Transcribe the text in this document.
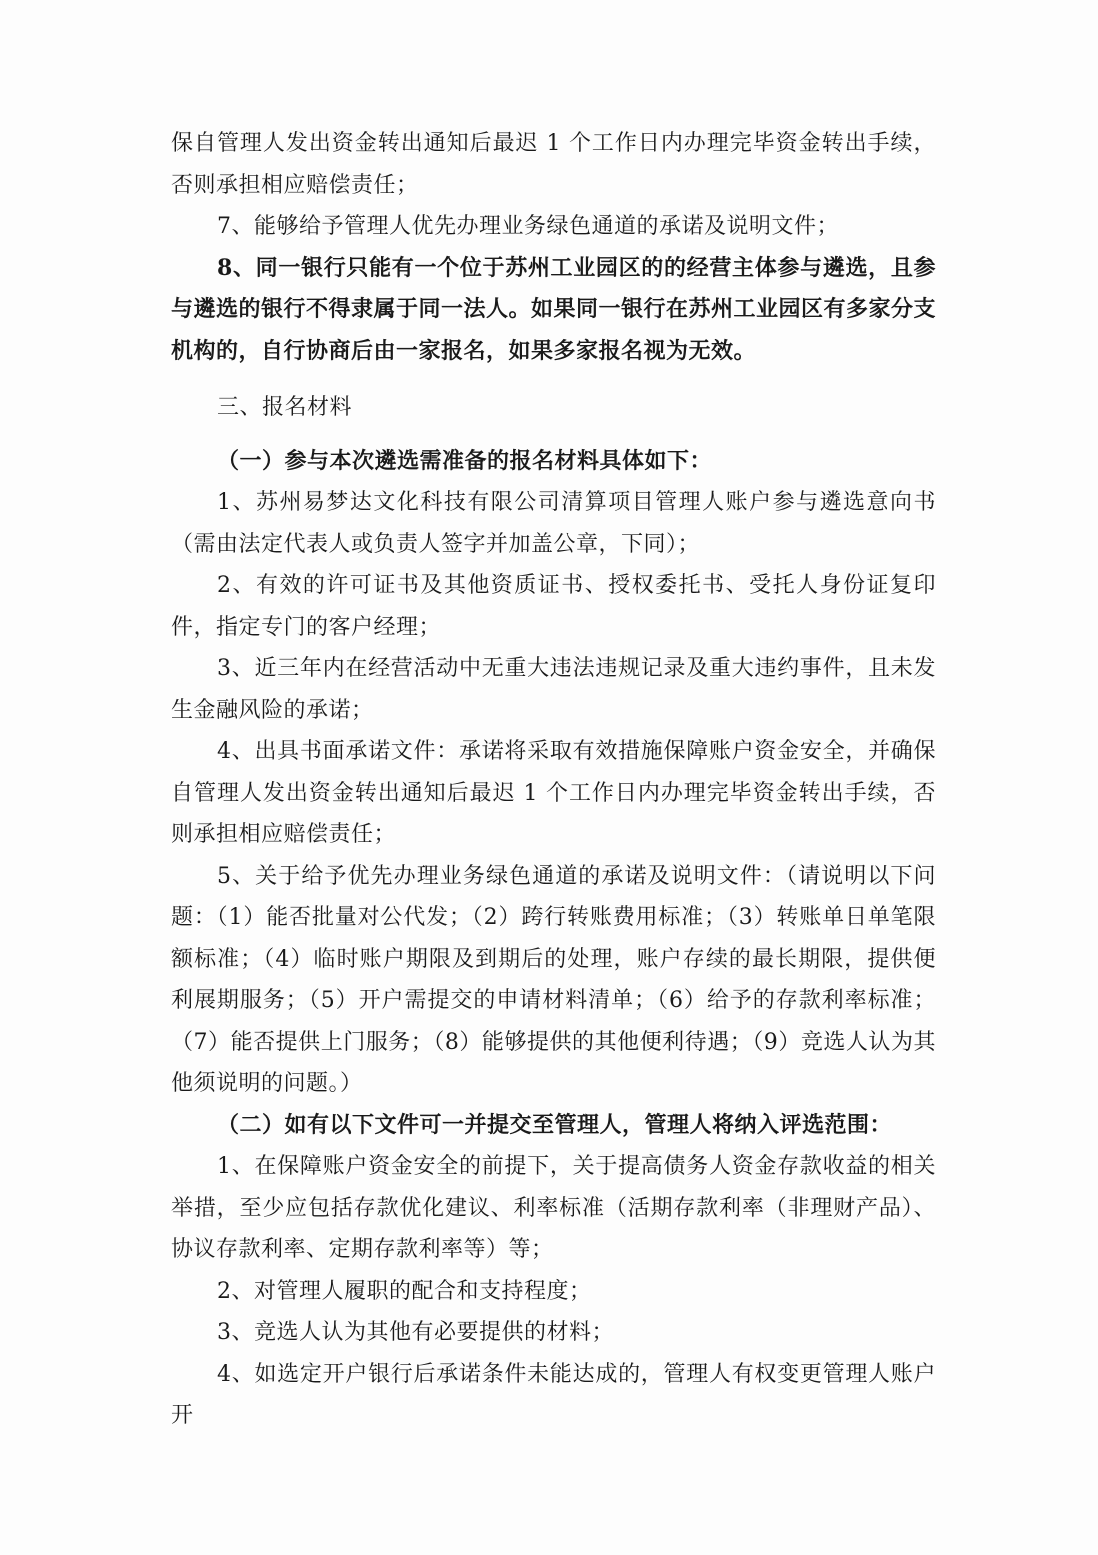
保自管理人发出资金转出通知后最迟 1 个工作日内办理完毕资金转出手续，否则承担相应赔偿责任；

7、能够给予管理人优先办理业务绿色通道的承诺及说明文件；

8、同一银行只能有一个位于苏州工业园区的的经营主体参与遴选，且参与遴选的银行不得隶属于同一法人。如果同一银行在苏州工业园区有多家分支机构的，自行协商后由一家报名，如果多家报名视为无效。

三、报名材料

（一）参与本次遴选需准备的报名材料具体如下：

1、苏州易梦达文化科技有限公司清算项目管理人账户参与遴选意向书（需由法定代表人或负责人签字并加盖公章，下同）；

2、有效的许可证书及其他资质证书、授权委托书、受托人身份证复印件，指定专门的客户经理；

3、近三年内在经营活动中无重大违法违规记录及重大违约事件，且未发生金融风险的承诺；

4、出具书面承诺文件：承诺将采取有效措施保障账户资金安全，并确保自管理人发出资金转出通知后最迟 1 个工作日内办理完毕资金转出手续，否则承担相应赔偿责任；

5、关于给予优先办理业务绿色通道的承诺及说明文件：（请说明以下问题：（1）能否批量对公代发；（2）跨行转账费用标准；（3）转账单日单笔限额标准；（4）临时账户期限及到期后的处理，账户存续的最长期限，提供便利展期服务；（5）开户需提交的申请材料清单；（6）给予的存款利率标准；（7）能否提供上门服务；（8）能够提供的其他便利待遇；（9）竞选人认为其他须说明的问题。）

（二）如有以下文件可一并提交至管理人，管理人将纳入评选范围：

1、在保障账户资金安全的前提下，关于提高债务人资金存款收益的相关举措，至少应包括存款优化建议、利率标准（活期存款利率（非理财产品）、协议存款利率、定期存款利率等）等；

2、对管理人履职的配合和支持程度；

3、竞选人认为其他有必要提供的材料；

4、如选定开户银行后承诺条件未能达成的，管理人有权变更管理人账户开
